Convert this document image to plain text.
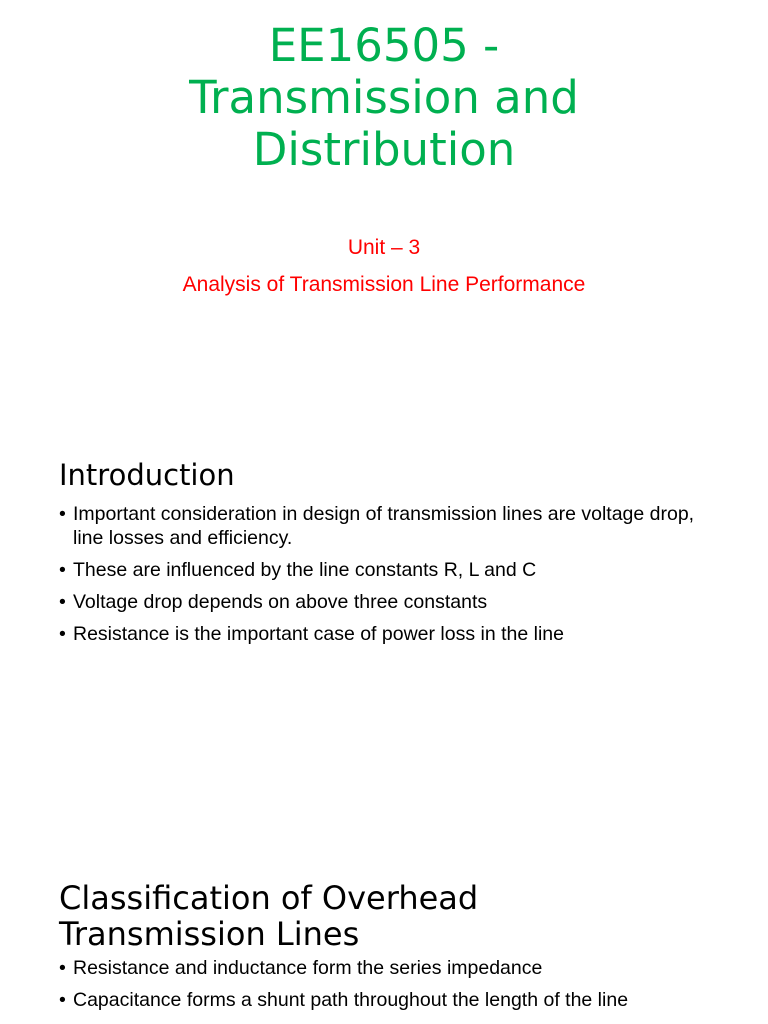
EE16505 -
Transmission and
Distribution
Unit – 3
Analysis of Transmission Line Performance
Introduction
• Important consideration in design of transmission lines are voltage drop, line losses and efficiency.
• These are influenced by the line constants R, L and C
• Voltage drop depends on above three constants
• Resistance is the important case of power loss in the line
Classification of Overhead
Transmission Lines
• Resistance and inductance form the series impedance
• Capacitance forms a shunt path throughout the length of the line
